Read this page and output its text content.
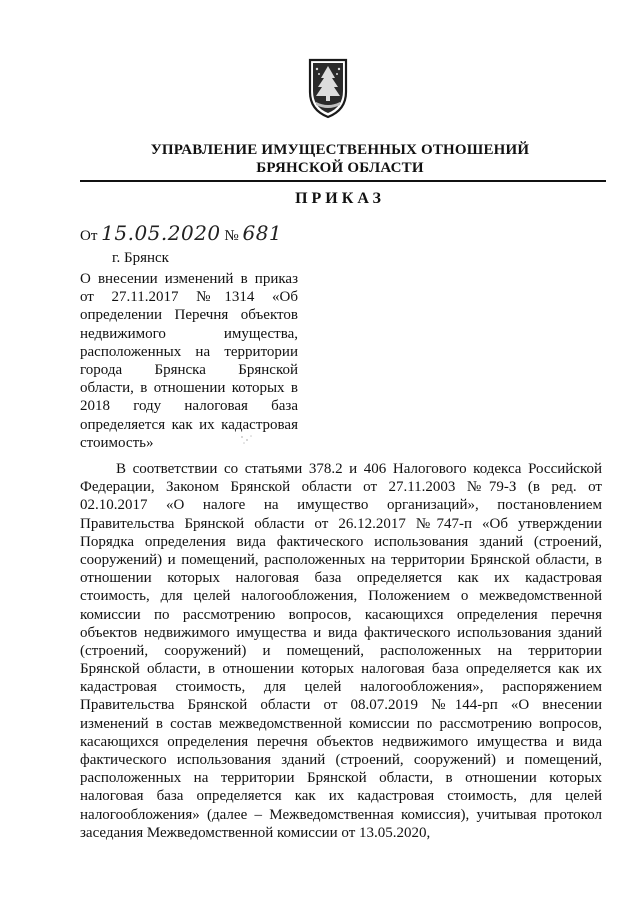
УПРАВЛЕНИЕ ИМУЩЕСТВЕННЫХ ОТНОШЕНИЙ
БРЯНСКОЙ ОБЛАСТИ
ПРИКАЗ
От 15.05.2020 № 681
г. Брянск
О внесении изменений в приказ
от 27.11.2017 №1314 «Об
определении Перечня объектов
недвижимого имущества,
расположенных на территории
города Брянска Брянской
области, в отношении которых в
2018 году налоговая база
определяется как их кадастровая
стоимость»
В соответствии со статьями 378.2 и 406 Налогового кодекса Российской
Федерации, Законом Брянской области от 27.11.2003 №79-З (в ред. от
02.10.2017 «О налоге на имущество организаций», постановлением
Правительства Брянской области от 26.12.2017 №747-п «Об утверждении
Порядка определения вида фактического использования зданий (строений,
сооружений) и помещений, расположенных на территории Брянской области, в
отношении которых налоговая база определяется как их кадастровая
стоимость, для целей налогообложения, Положением о межведомственной
комиссии по рассмотрению вопросов, касающихся определения перечня
объектов недвижимого имущества и вида фактического использования зданий
(строений, сооружений) и помещений, расположенных на территории
Брянской области, в отношении которых налоговая база определяется как их
кадастровая стоимость, для целей налогообложения», распоряжением
Правительства Брянской области от 08.07.2019 №144-рп «О внесении
изменений в состав межведомственной комиссии по рассмотрению вопросов,
касающихся определения перечня объектов недвижимого имущества и вида
фактического использования зданий (строений, сооружений) и помещений,
расположенных на территории Брянской области, в отношении которых
налоговая база определяется как их кадастровая стоимость, для целей
налогообложения» (далее – Межведомственная комиссия), учитывая протокол
заседания Межведомственной комиссии от 13.05.2020,
